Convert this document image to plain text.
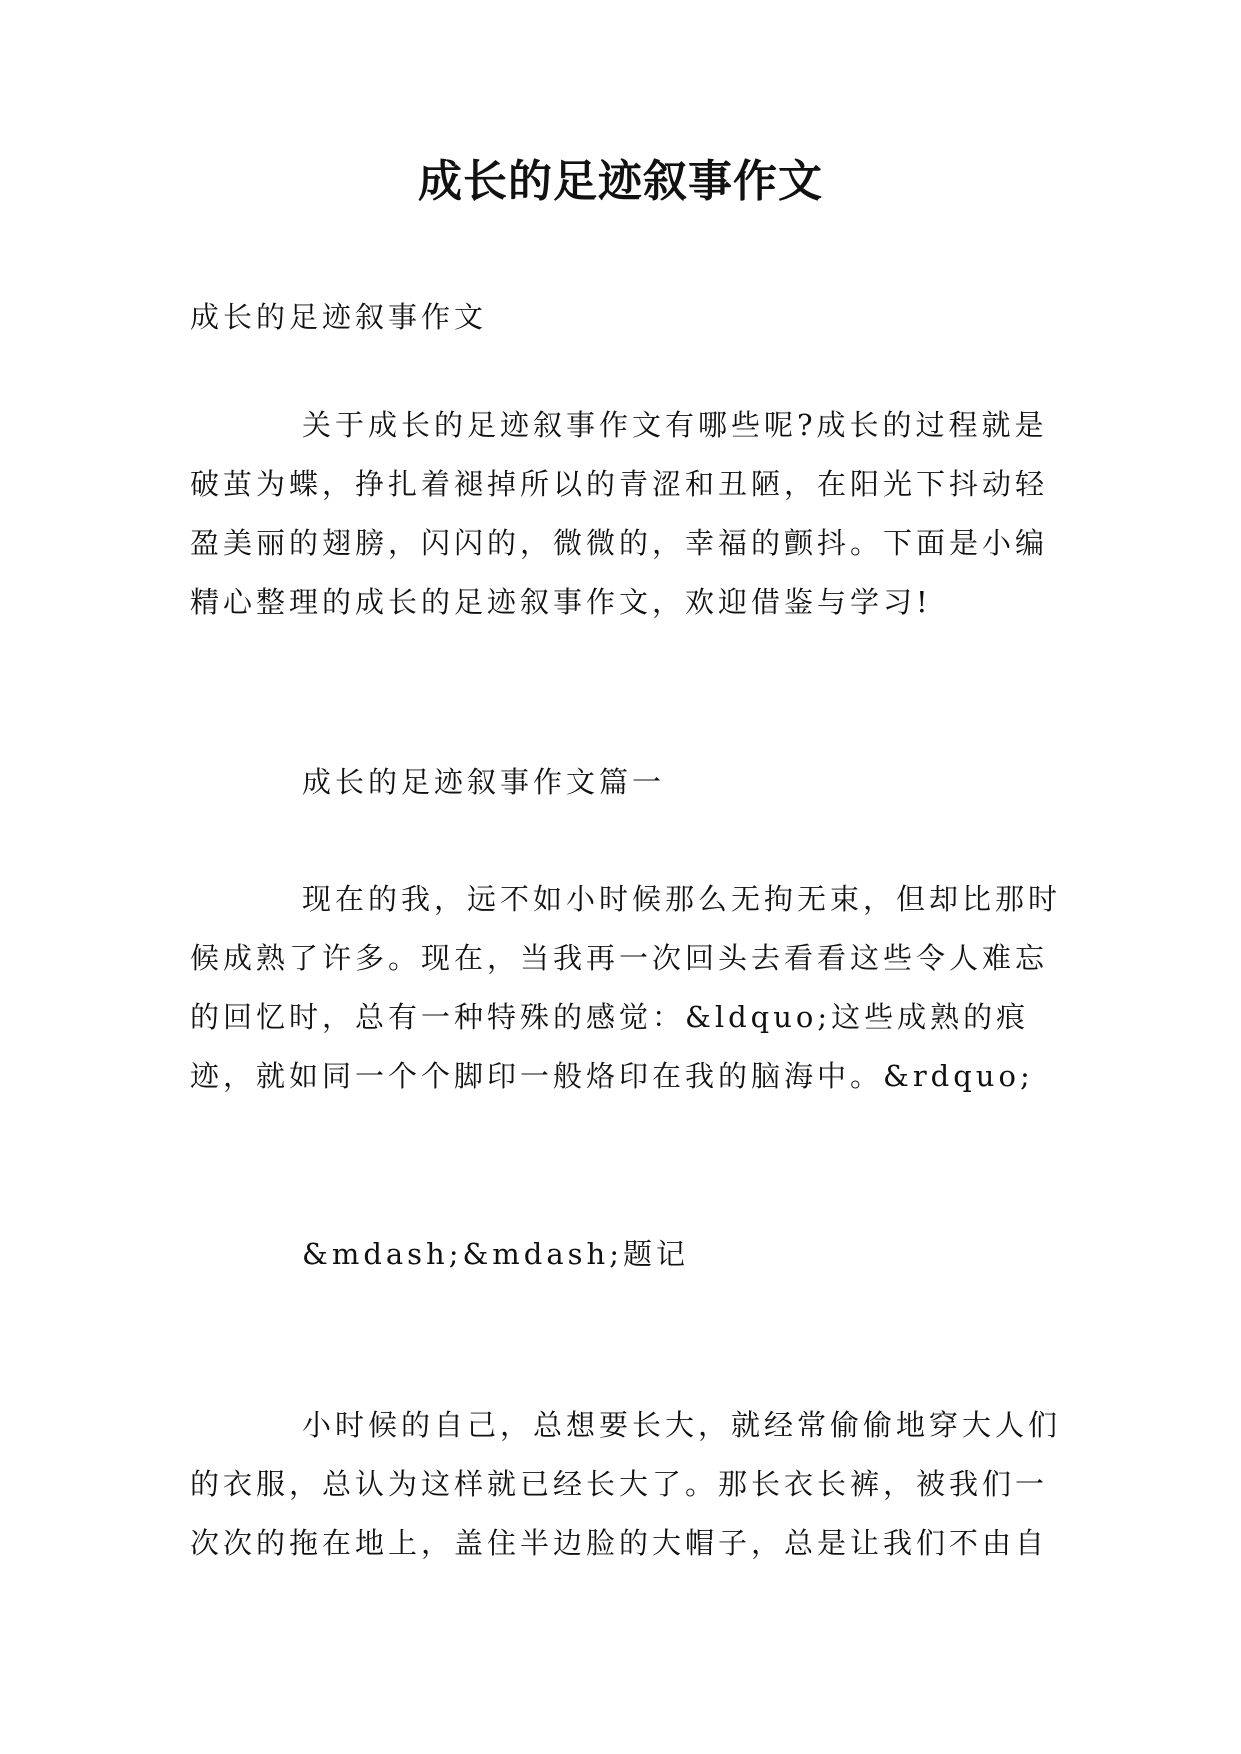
成长的足迹叙事作文

成长的足迹叙事作文

关于成长的足迹叙事作文有哪些呢?成长的过程就是破茧为蝶，挣扎着褪掉所以的青涩和丑陋，在阳光下抖动轻盈美丽的翅膀，闪闪的，微微的，幸福的颤抖。下面是小编精心整理的成长的足迹叙事作文，欢迎借鉴与学习!

成长的足迹叙事作文篇一

现在的我，远不如小时候那么无拘无束，但却比那时候成熟了许多。现在，当我再一次回头去看看这些令人难忘的回忆时，总有一种特殊的感觉：&ldquo;这些成熟的痕迹，就如同一个个脚印一般烙印在我的脑海中。&rdquo;

&mdash;&mdash;题记

小时候的自己，总想要长大，就经常偷偷地穿大人们的衣服，总认为这样就已经长大了。那长衣长裤，被我们一次次的拖在地上，盖住半边脸的大帽子，总是让我们不由自
